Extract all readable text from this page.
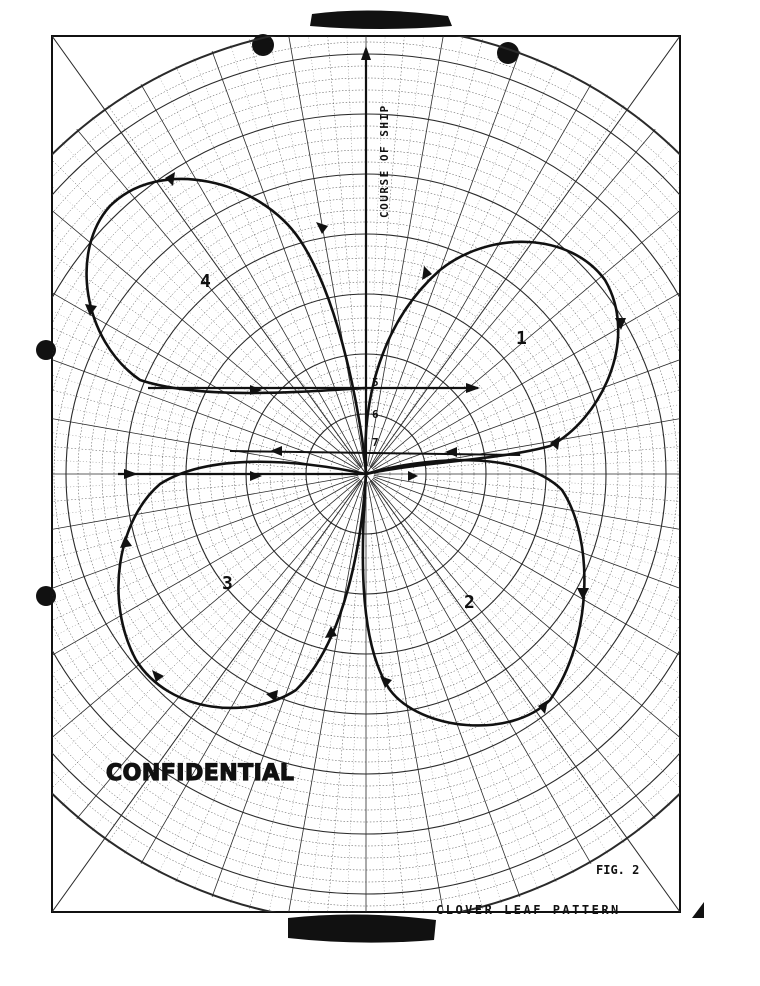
COURSE OF SHIP
1
2
3
4
5
6
7
CONFIDENTIAL
FIG. 2
CLOVER LEAF PATTERN
